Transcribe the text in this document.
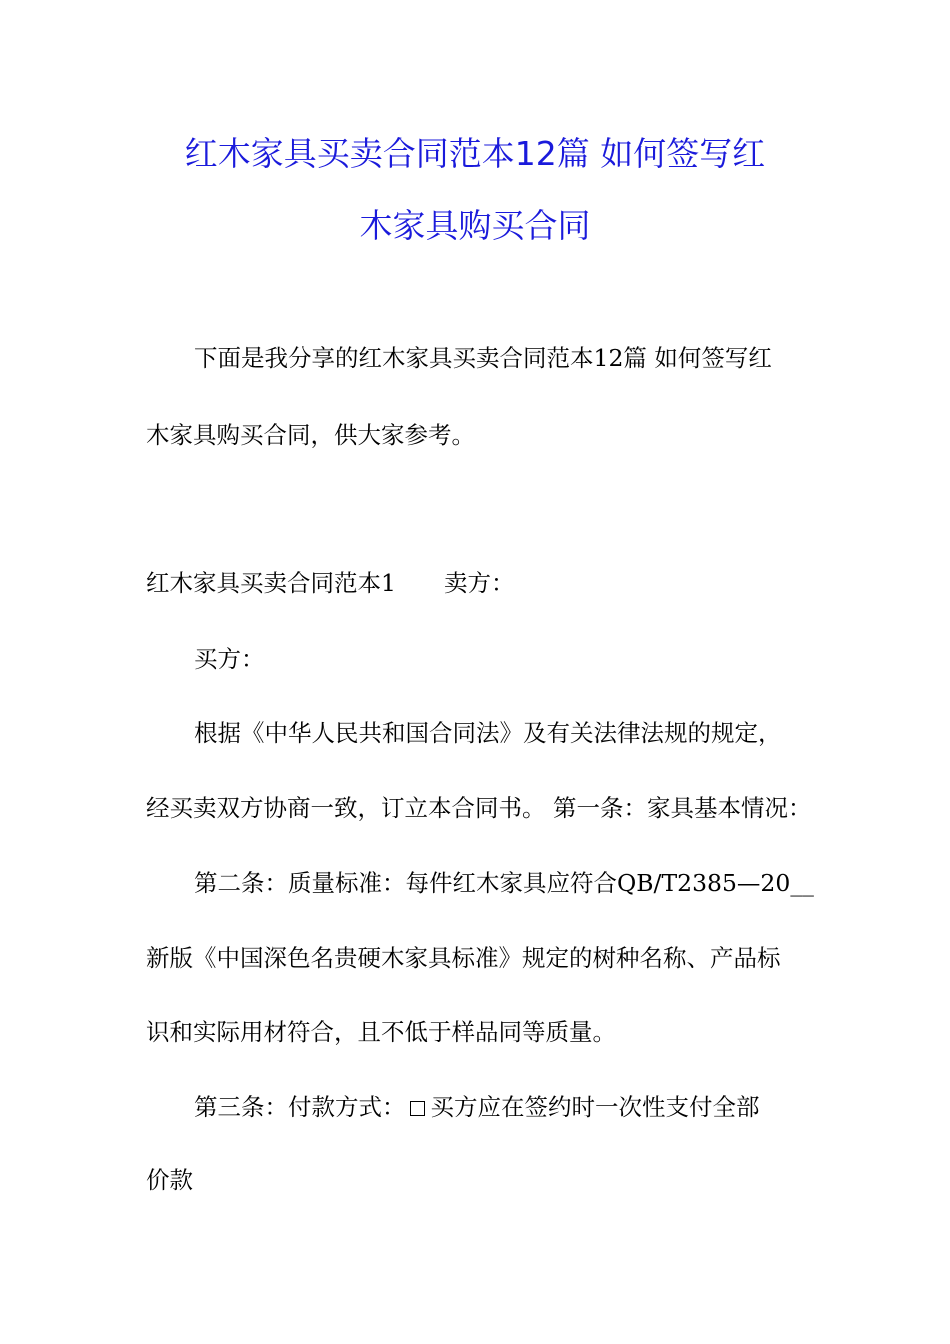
红木家具买卖合同范本12篇 如何签写红
木家具购买合同

下面是我分享的红木家具买卖合同范本12篇 如何签写红

木家具购买合同，供大家参考。

红木家具买卖合同范本1 卖方：

买方：

根据《中华人民共和国合同法》及有关法律法规的规定，

经买卖双方协商一致，订立本合同书。 第一条：家具基本情况：

第二条：质量标准：每件红木家具应符合QB/T2385—20__

新版《中国深色名贵硬木家具标准》规定的树种名称、产品标

识和实际用材符合，且不低于样品同等质量。

第三条：付款方式： 买方应在签约时一次性支付全部

价款
